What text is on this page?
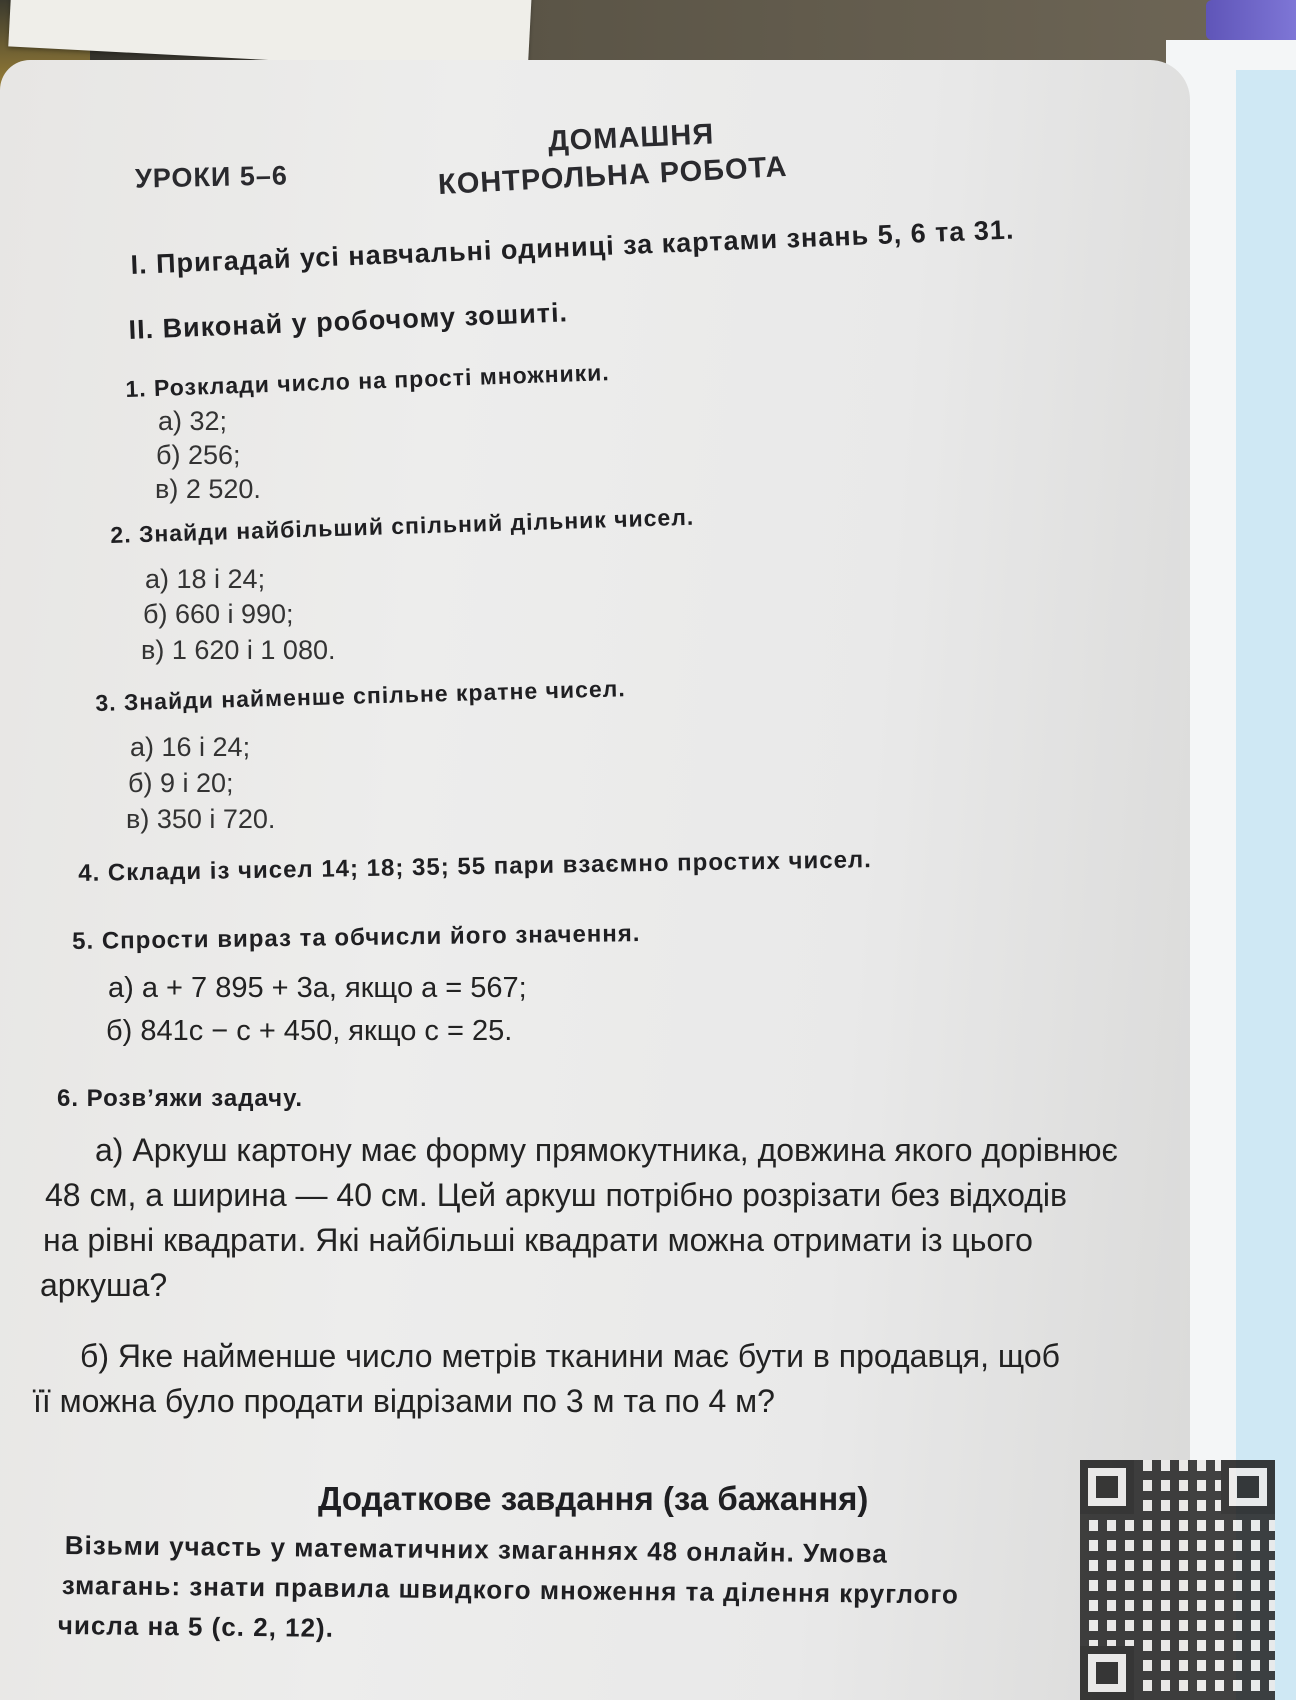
УРОКИ 5–6
ДОМАШНЯ
КОНТРОЛЬНА РОБОТА
I. Пригадай усі навчальні одиниці за картами знань 5, 6 та 31.
II. Виконай у робочому зошиті.
1. Розклади число на прості множники.
а) 32;
б) 256;
в) 2 520.
2. Знайди найбільший спільний дільник чисел.
а) 18 і 24;
б) 660 і 990;
в) 1 620 і 1 080.
3. Знайди найменше спільне кратне чисел.
а) 16 і 24;
б) 9 і 20;
в) 350 і 720.
4. Склади із чисел 14; 18; 35; 55 пари взаємно простих чисел.
5. Спрости вираз та обчисли його значення.
а) a + 7 895 + 3a, якщо a = 567;
б) 841c − c + 450, якщо c = 25.
6. Розв’яжи задачу.
а) Аркуш картону має форму прямокутника, довжина якого дорівнює
48 см, а ширина — 40 см. Цей аркуш потрібно розрізати без відходів
на рівні квадрати. Які найбільші квадрати можна отримати із цього
аркуша?
б) Яке найменше число метрів тканини має бути в продавця, щоб
її можна було продати відрізами по 3 м та по 4 м?
Додаткове завдання (за бажання)
Візьми участь у математичних змаганнях 48 онлайн. Умова
змагань: знати правила швидкого множення та ділення круглого
числа на 5 (с. 2, 12).
